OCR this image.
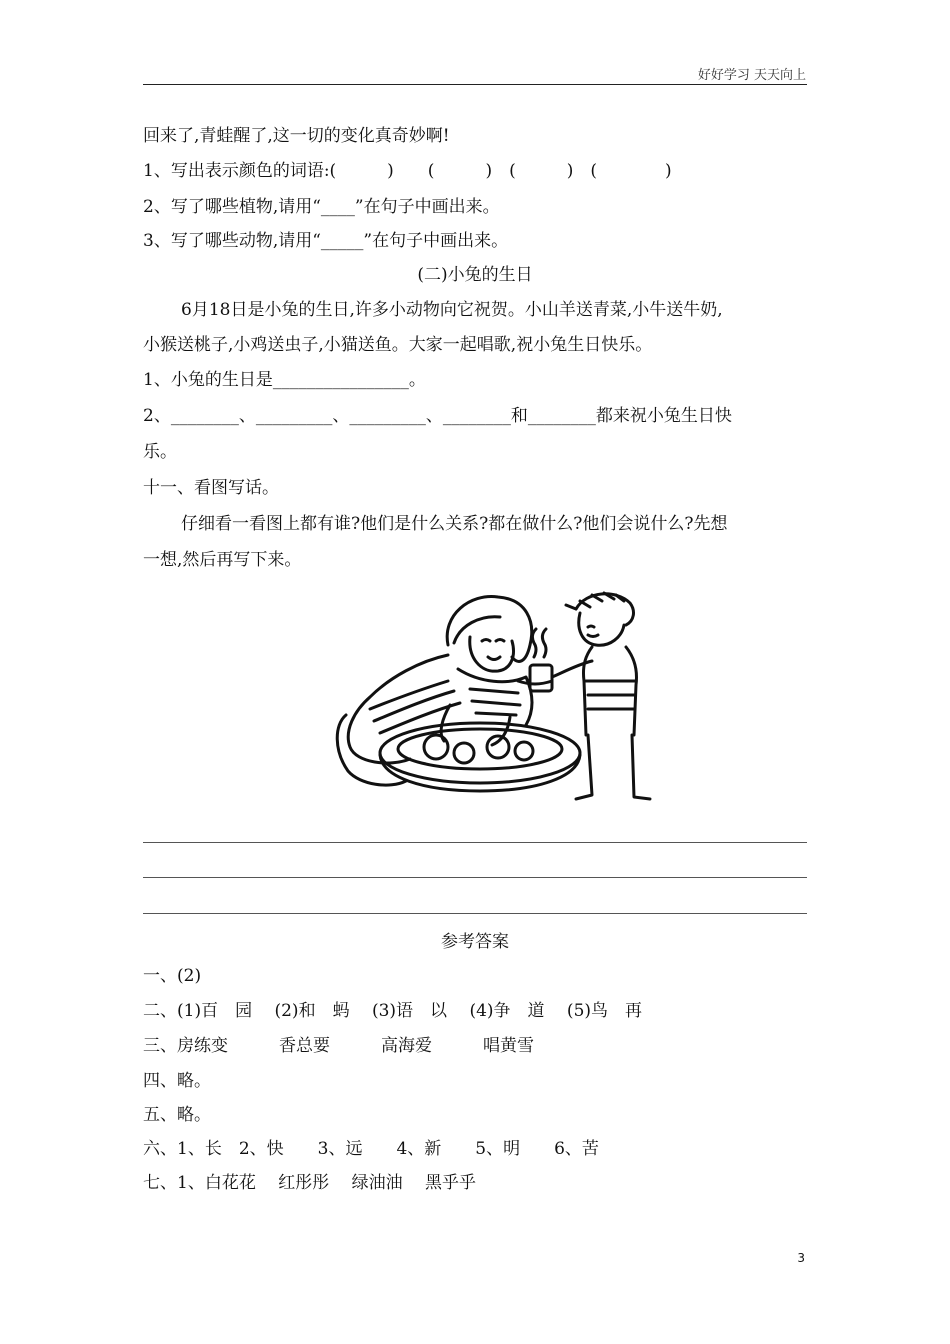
好好学习 天天向上
回来了,青蛙醒了,这一切的变化真奇妙啊!
1、写出表示颜色的词语:(　　　)　　(　　　)　(　　　)　(　　　　)
2、写了哪些植物,请用“____”在句子中画出来。
3、写了哪些动物,请用“_____”在句子中画出来。
(二)小兔的生日
6月18日是小兔的生日,许多小动物向它祝贺。小山羊送青菜,小牛送牛奶,
小猴送桃子,小鸡送虫子,小猫送鱼。大家一起唱歌,祝小兔生日快乐。
1、小兔的生日是________________。
2、________、_________、_________、________和________都来祝小兔生日快
乐。
十一、看图写话。
仔细看一看图上都有谁?他们是什么关系?都在做什么?他们会说什么?先想
一想,然后再写下来。
参考答案
一、(2)
二、(1)百　园　 (2)和　蚂　 (3)语　以　 (4)争　道　 (5)鸟　再
三、房练变　　　香总要　　　高海爱　　　唱黄雪
四、略。
五、略。
六、1、长　2、快　　3、远　　4、新　　5、明　　6、苦
七、1、白花花　 红彤彤　 绿油油　 黑乎乎
3
